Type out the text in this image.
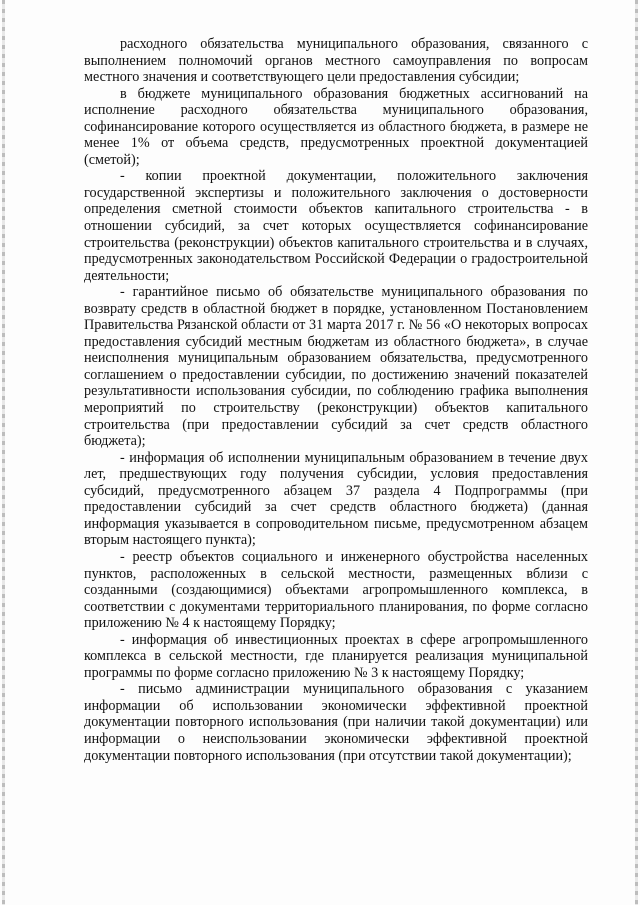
расходного обязательства муниципального образования, связанного с выполнением полномочий органов местного самоуправления по вопросам местного значения и соответствующего цели предоставления субсидии;

в бюджете муниципального образования бюджетных ассигнований на исполнение расходного обязательства муниципального образования, софинансирование которого осуществляется из областного бюджета, в размере не менее 1% от объема средств, предусмотренных проектной документацией (сметой);

- копии проектной документации, положительного заключения государственной экспертизы и положительного заключения о достоверности определения сметной стоимости объектов капитального строительства - в отношении субсидий, за счет которых осуществляется софинансирование строительства (реконструкции) объектов капитального строительства и в случаях, предусмотренных законодательством Российской Федерации о градостроительной деятельности;

- гарантийное письмо об обязательстве муниципального образования по возврату средств в областной бюджет в порядке, установленном Постановлением Правительства Рязанской области от 31 марта 2017 г. № 56 «О некоторых вопросах предоставления субсидий местным бюджетам из областного бюджета», в случае неисполнения муниципальным образованием обязательства, предусмотренного соглашением о предоставлении субсидии, по достижению значений показателей результативности использования субсидии, по соблюдению графика выполнения мероприятий по строительству (реконструкции) объектов капитального строительства (при предоставлении субсидий за счет средств областного бюджета);

- информация об исполнении муниципальным образованием в течение двух лет, предшествующих году получения субсидии, условия предоставления субсидий, предусмотренного абзацем 37 раздела 4 Подпрограммы (при предоставлении субсидий за счет средств областного бюджета) (данная информация указывается в сопроводительном письме, предусмотренном абзацем вторым настоящего пункта);

- реестр объектов социального и инженерного обустройства населенных пунктов, расположенных в сельской местности, размещенных вблизи с созданными (создающимися) объектами агропромышленного комплекса, в соответствии с документами территориального планирования, по форме согласно приложению № 4 к настоящему Порядку;

- информация об инвестиционных проектах в сфере агропромышленного комплекса в сельской местности, где планируется реализация муниципальной программы по форме согласно приложению № 3 к настоящему Порядку;

- письмо администрации муниципального образования с указанием информации об использовании экономически эффективной проектной документации повторного использования (при наличии такой документации) или информации о неиспользовании экономически эффективной проектной документации повторного использования (при отсутствии такой документации);
